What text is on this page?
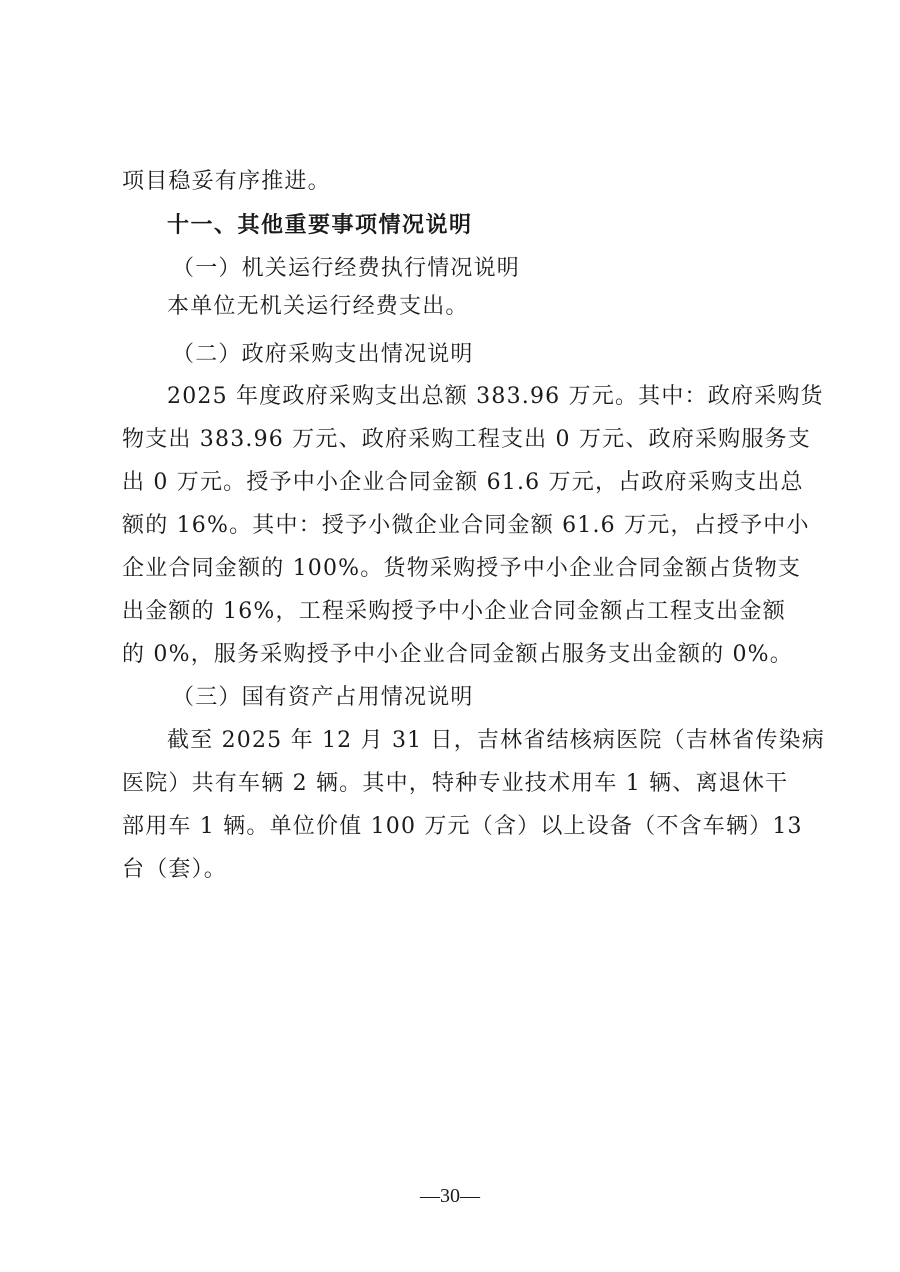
项目稳妥有序推进。
十一、其他重要事项情况说明
（一）机关运行经费执行情况说明
本单位无机关运行经费支出。
（二）政府采购支出情况说明
2025 年度政府采购支出总额 383.96 万元。其中：政府采购货
物支出 383.96 万元、政府采购工程支出 0 万元、政府采购服务支
出 0 万元。授予中小企业合同金额 61.6 万元，占政府采购支出总
额的 16%。其中：授予小微企业合同金额 61.6 万元，占授予中小
企业合同金额的 100%。货物采购授予中小企业合同金额占货物支
出金额的 16%，工程采购授予中小企业合同金额占工程支出金额
的 0%，服务采购授予中小企业合同金额占服务支出金额的 0%。
（三）国有资产占用情况说明
截至 2025 年 12 月 31 日，吉林省结核病医院（吉林省传染病
医院）共有车辆 2 辆。其中，特种专业技术用车 1 辆、离退休干
部用车 1 辆。单位价值 100 万元（含）以上设备（不含车辆）13
台（套）。
—30—
